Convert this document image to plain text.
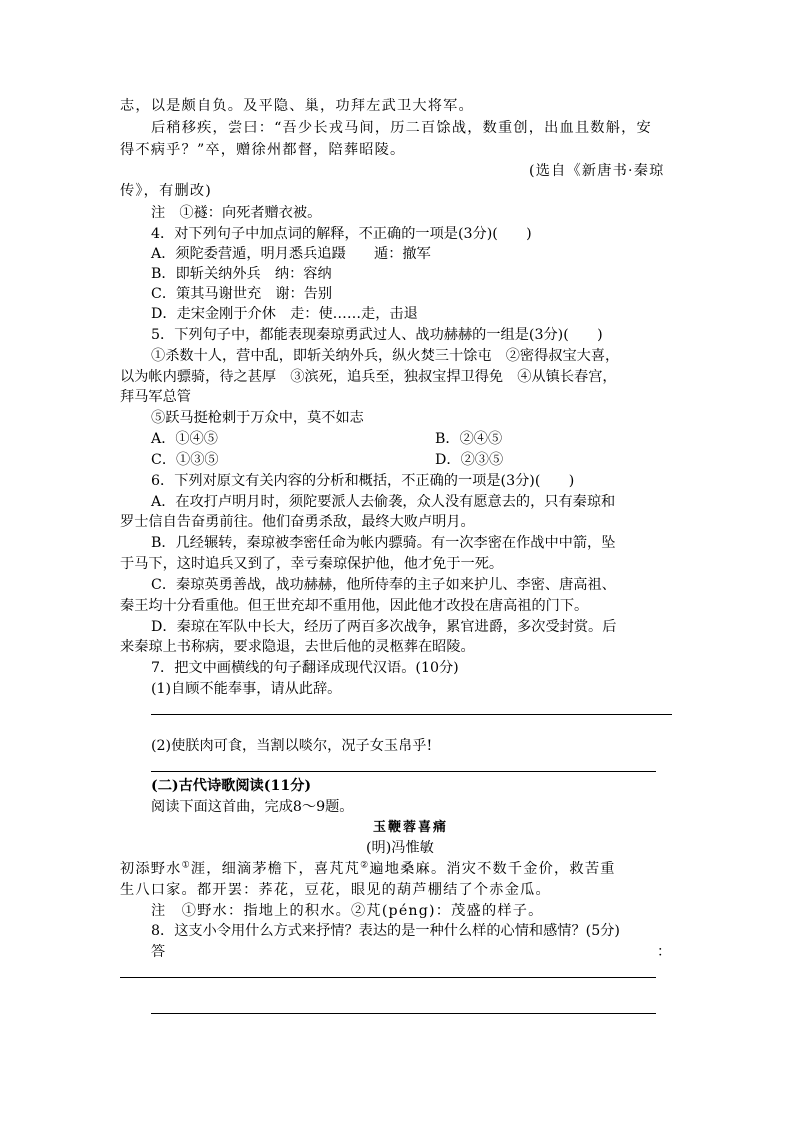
志，以是颇自负。及平隐、巢，功拜左武卫大将军。
后稍移疾，尝曰：“吾少长戎马间，历二百馀战，数重创，出血且数斛，安
得不病乎？”卒，赠徐州都督，陪葬昭陵。
(选自《新唐书·秦琼
传》，有删改)
注　①襚：向死者赠衣被。
4．对下列句子中加点词的解释，不正确的一项是(3分)(　　)
A．须陀委营遁，明月悉兵追蹑　　遁：撤军
B．即斩关纳外兵　纳：容纳
C．策其马谢世充　谢：告别
D．走宋金刚于介休　走：使……走，击退
5．下列句子中，都能表现秦琼勇武过人、战功赫赫的一组是(3分)(　　)
①杀数十人，营中乱，即斩关纳外兵，纵火焚三十馀屯　②密得叔宝大喜，
以为帐内骠骑，待之甚厚　③滨死，追兵至，独叔宝捍卫得免　④从镇长春宫，
拜马军总管
⑤跃马挺枪刺于万众中，莫不如志
A．①④⑤	B．②④⑤
C．①③⑤	D．②③⑤
6．下列对原文有关内容的分析和概括，不正确的一项是(3分)(　　)
A．在攻打卢明月时，须陀要派人去偷袭，众人没有愿意去的，只有秦琼和
罗士信自告奋勇前往。他们奋勇杀敌，最终大败卢明月。
B．几经辗转，秦琼被李密任命为帐内骠骑。有一次李密在作战中中箭，坠
于马下，这时追兵又到了，幸亏秦琼保护他，他才免于一死。
C．秦琼英勇善战，战功赫赫，他所侍奉的主子如来护儿、李密、唐高祖、
秦王均十分看重他。但王世充却不重用他，因此他才改投在唐高祖的门下。
D．秦琼在军队中长大，经历了两百多次战争，累官进爵，多次受封赏。后
来秦琼上书称病，要求隐退，去世后他的灵柩葬在昭陵。
7．把文中画横线的句子翻译成现代汉语。(10分)
(1)自顾不能奉事，请从此辞。
(2)使朕肉可食，当割以啖尔，况子女玉帛乎!
(二)古代诗歌阅读(11分)
阅读下面这首曲，完成8～9题。
玉鞭蓉喜痛
(明)冯惟敏
初添野水①涯，细滴茅檐下，喜芃芃②遍地桑麻。消灾不数千金价，救苦重
生八口家。都开罢：荞花，豆花，眼见的葫芦棚结了个赤金瓜。
注　①野水：指地上的积水。②芃(péng)：茂盛的样子。
8．这支小令用什么方式来抒情？表达的是一种什么样的心情和感情？(5分)
答	：
